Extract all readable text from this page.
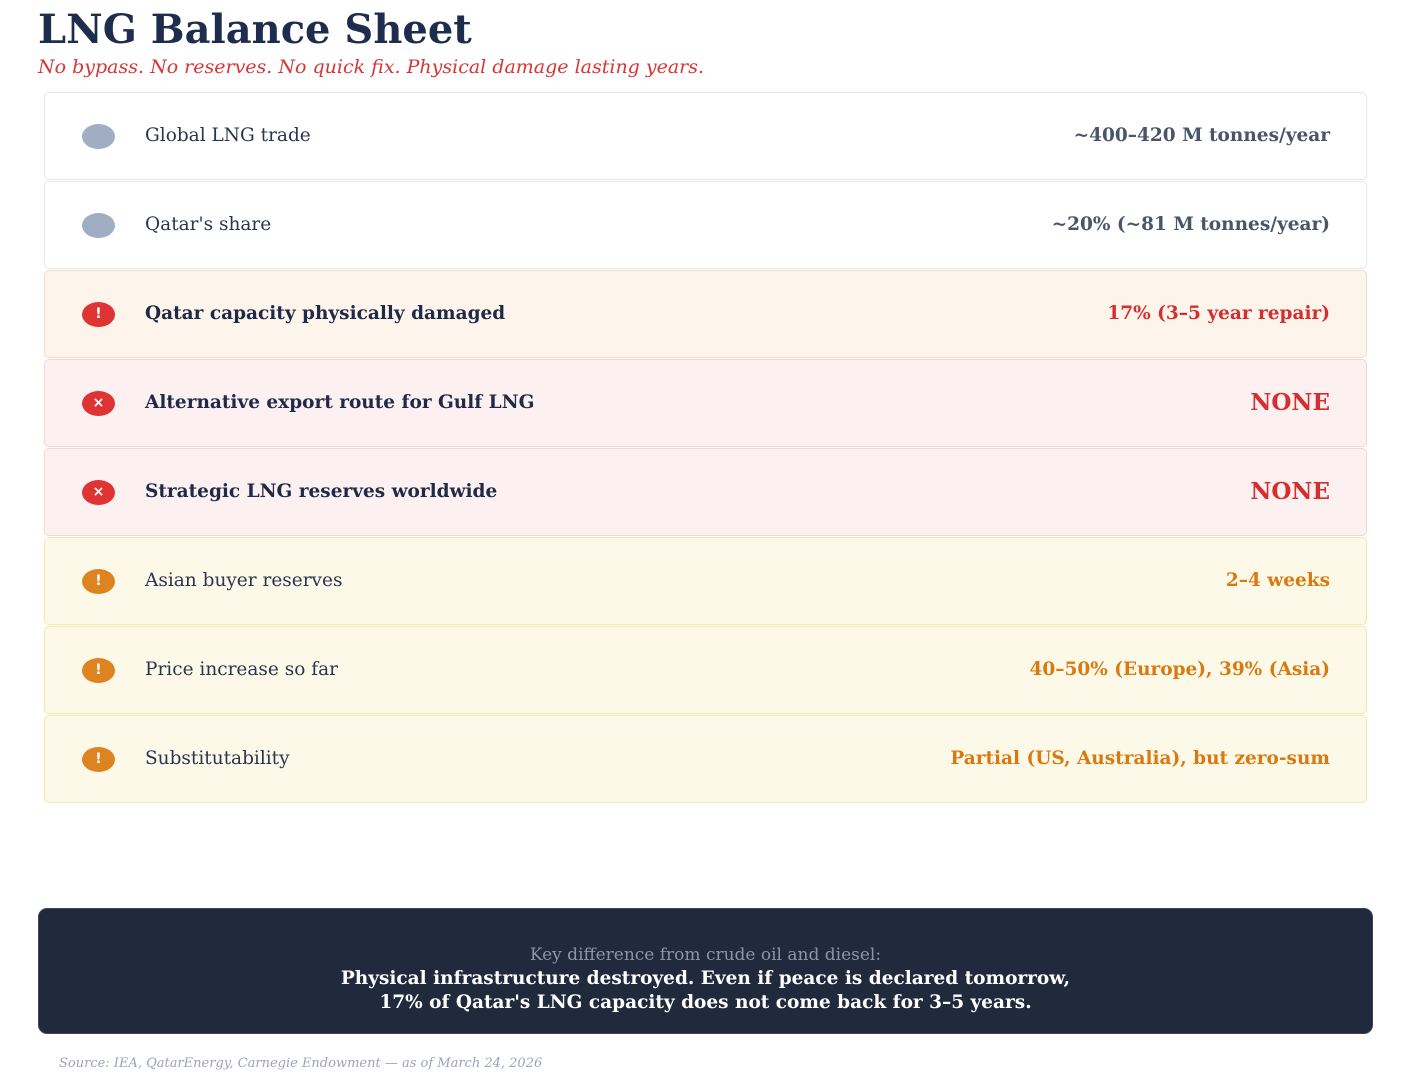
LNG Balance Sheet
No bypass. No reserves. No quick fix. Physical damage lasting years.
Global LNG trade	~400–420 M tonnes/year
Qatar's share	~20% (~81 M tonnes/year)
!	Qatar capacity physically damaged	17% (3–5 year repair)
×	Alternative export route for Gulf LNG	NONE
×	Strategic LNG reserves worldwide	NONE
!	Asian buyer reserves	2–4 weeks
!	Price increase so far	40–50% (Europe), 39% (Asia)
!	Substitutability	Partial (US, Australia), but zero-sum
Key difference from crude oil and diesel:
Physical infrastructure destroyed. Even if peace is declared tomorrow,
17% of Qatar's LNG capacity does not come back for 3–5 years.
Source: IEA, QatarEnergy, Carnegie Endowment — as of March 24, 2026
